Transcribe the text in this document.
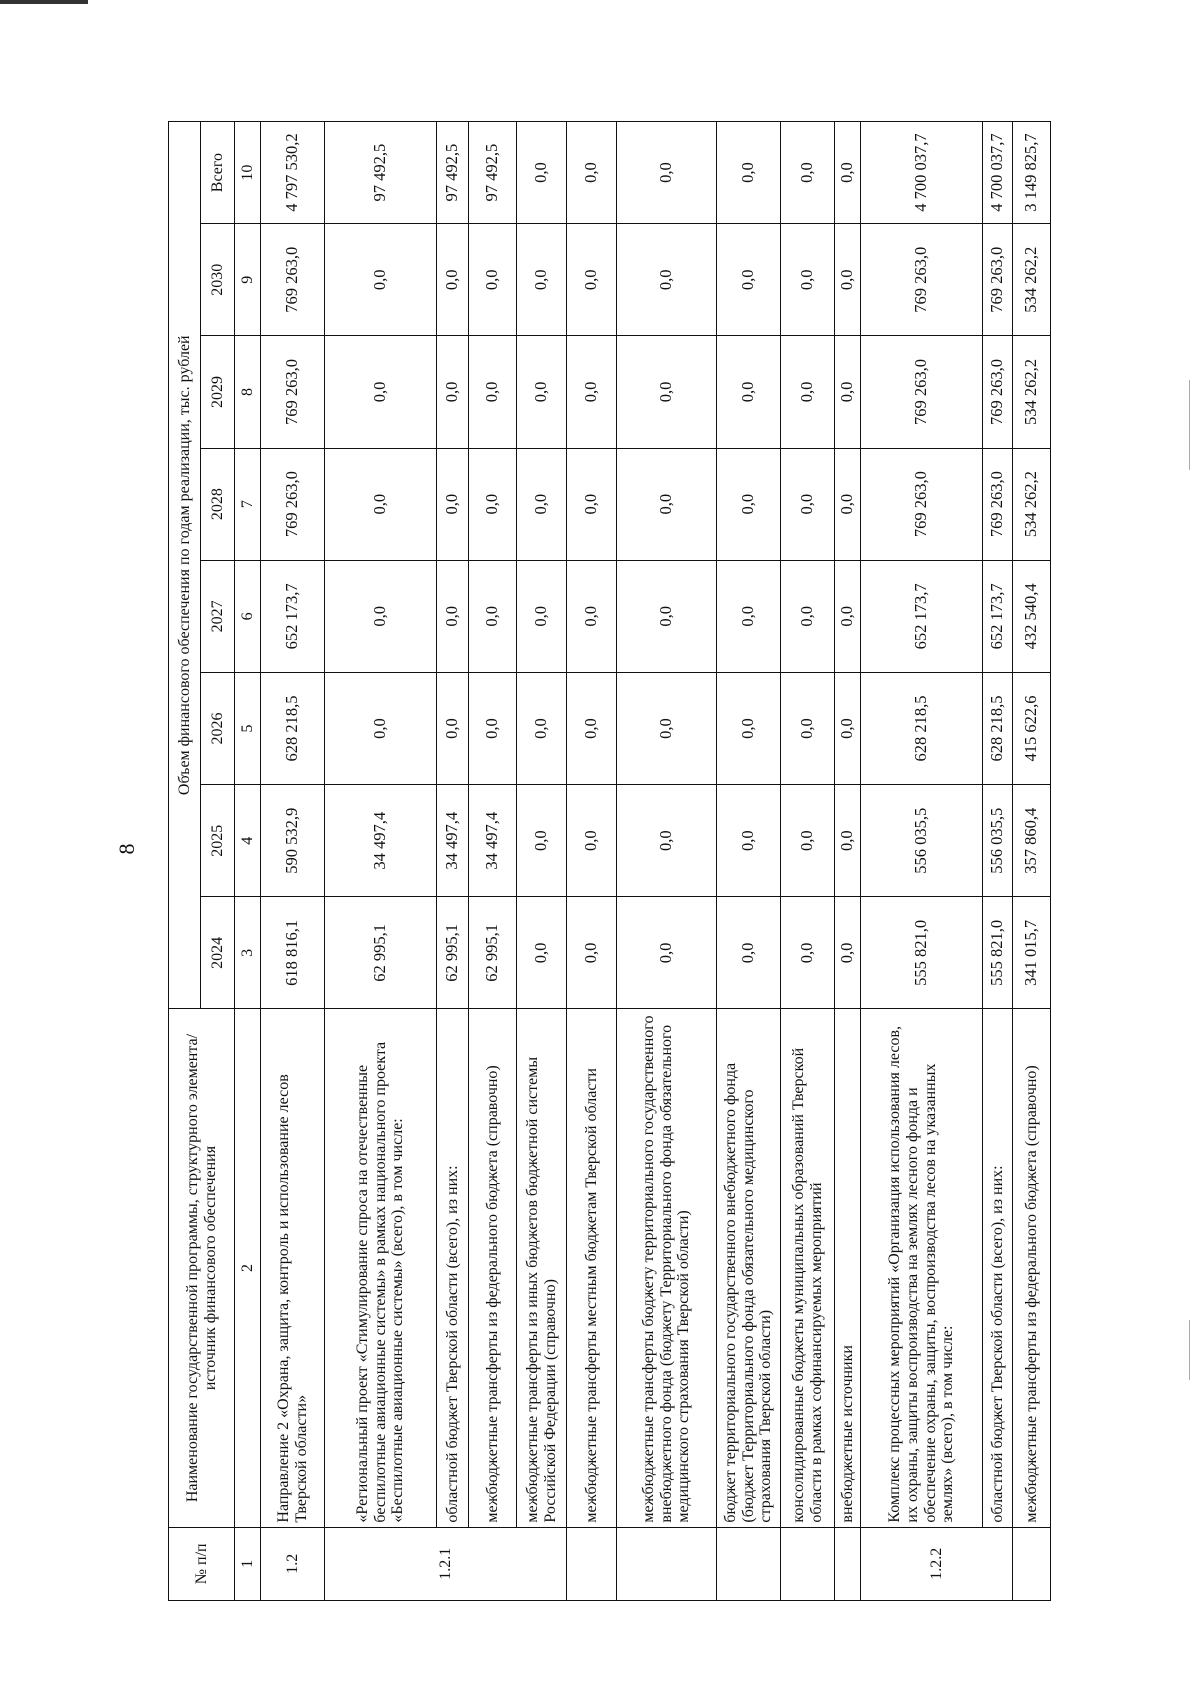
8
№ п/п	Наименование государственной программы, структурного элемента/источник финансового обеспечения	Объем финансового обеспечения по годам реализации, тыс. рублей							
		2024	2025	2026	2027	2028	2029	2030	Всего
1	2	3	4	5	6	7	8	9	10
1.2	Направление 2 «Охрана, защита, контроль и использование лесов Тверской области»	618 816,1	590 532,9	628 218,5	652 173,7	769 263,0	769 263,0	769 263,0	4 797 530,2
1.2.1	«Региональный проект «Стимулирование спроса на отечественные беспилотные авиационные системы» в рамках национального проекта «Беспилотные авиационные системы» (всего), в том числе:	62 995,1	34 497,4	0,0	0,0	0,0	0,0	0,0	97 492,5
	областной бюджет Тверской области (всего), из них:	62 995,1	34 497,4	0,0	0,0	0,0	0,0	0,0	97 492,5
	межбюджетные трансферты из федерального бюджета (справочно)	62 995,1	34 497,4	0,0	0,0	0,0	0,0	0,0	97 492,5
	межбюджетные трансферты из иных бюджетов бюджетной системы Российской Федерации (справочно)	0,0	0,0	0,0	0,0	0,0	0,0	0,0	0,0
	межбюджетные трансферты местным бюджетам Тверской области	0,0	0,0	0,0	0,0	0,0	0,0	0,0	0,0
	межбюджетные трансферты бюджету территориального государственного внебюджетного фонда (бюджету Территориального фонда обязательного медицинского страхования Тверской области)	0,0	0,0	0,0	0,0	0,0	0,0	0,0	0,0
	бюджет территориального государственного внебюджетного фонда (бюджет Территориального фонда обязательного медицинского страхования Тверской области)	0,0	0,0	0,0	0,0	0,0	0,0	0,0	0,0
	консолидированные бюджеты муниципальных образований Тверской области в рамках софинансируемых мероприятий	0,0	0,0	0,0	0,0	0,0	0,0	0,0	0,0
	внебюджетные источники	0,0	0,0	0,0	0,0	0,0	0,0	0,0	0,0
1.2.2	Комплекс процессных мероприятий «Организация использования лесов, их охраны, защиты воспроизводства на землях лесного фонда и обеспечение охраны, защиты, воспроизводства лесов на указанных землях» (всего), в том числе:	555 821,0	556 035,5	628 218,5	652 173,7	769 263,0	769 263,0	769 263,0	4 700 037,7
	областной бюджет Тверской области (всего), из них:	555 821,0	556 035,5	628 218,5	652 173,7	769 263,0	769 263,0	769 263,0	4 700 037,7
	межбюджетные трансферты из федерального бюджета (справочно)	341 015,7	357 860,4	415 622,6	432 540,4	534 262,2	534 262,2	534 262,2	3 149 825,7
